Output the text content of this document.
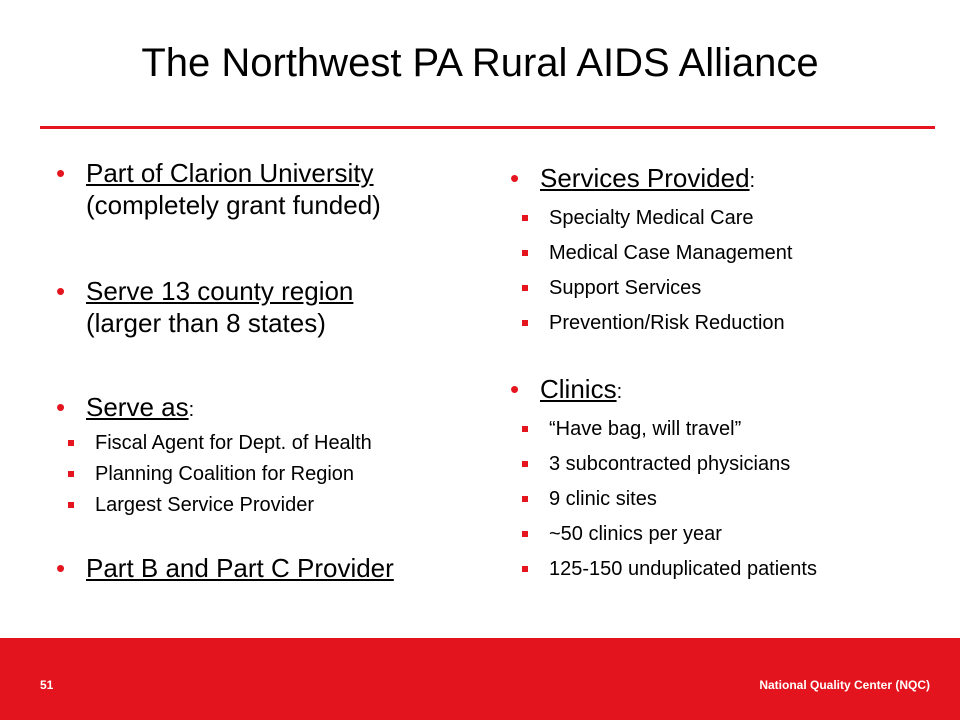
The Northwest PA Rural AIDS Alliance
• Part of Clarion University
(completely grant funded)
• Serve 13 county region
(larger than 8 states)
• Serve as:
Fiscal Agent for Dept. of Health
Planning Coalition for Region
Largest Service Provider
• Part B and Part C Provider
• Services Provided:
Specialty Medical Care
Medical Case Management
Support Services
Prevention/Risk Reduction
• Clinics:
“Have bag, will travel”
3 subcontracted physicians
9 clinic sites
~50 clinics per year
125-150 unduplicated patients
51	National Quality Center (NQC)
